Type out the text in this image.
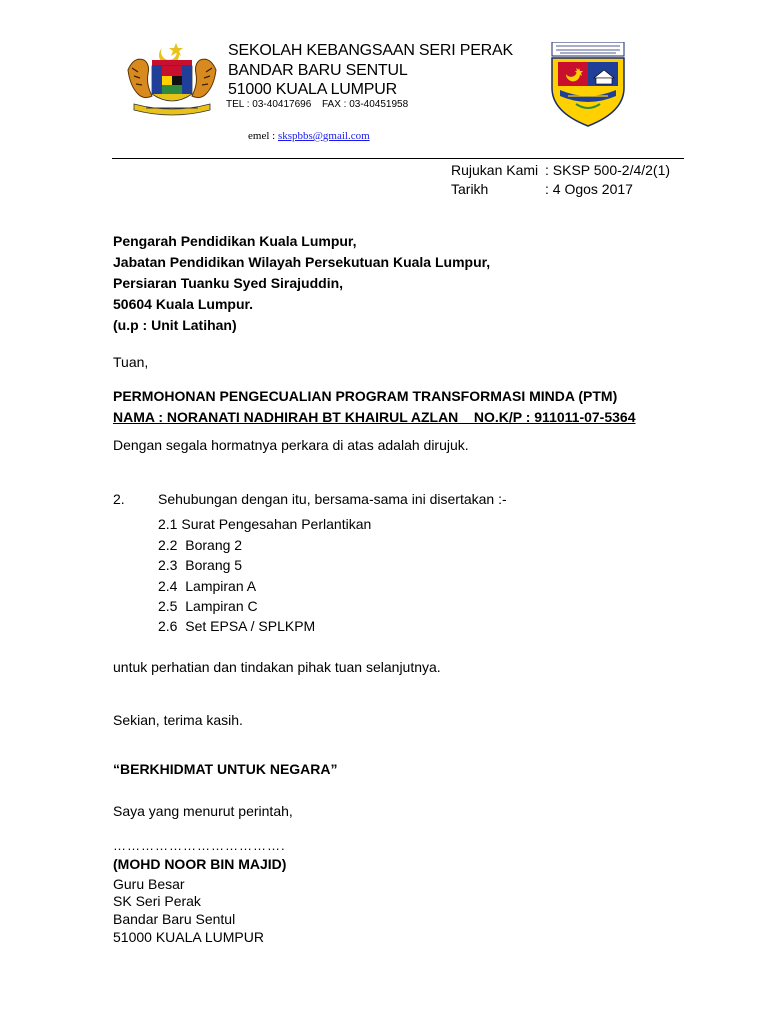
SEKOLAH KEBANGSAAN SERI PERAK
BANDAR BARU SENTUL
51000 KUALA LUMPUR
TEL : 03-40417696 FAX : 03-40451958
emel : skspbbs@gmail.com
Rujukan Kami : SKSP 500-2/4/2(1)
Tarikh	: 4 Ogos 2017
Pengarah Pendidikan Kuala Lumpur,
Jabatan Pendidikan Wilayah Persekutuan Kuala Lumpur,
Persiaran Tuanku Syed Sirajuddin,
50604 Kuala Lumpur.
(u.p : Unit Latihan)
Tuan,
PERMOHONAN PENGECUALIAN PROGRAM TRANSFORMASI MINDA (PTM)
NAMA : NORANATI NADHIRAH BT KHAIRUL AZLAN    NO.K/P : 911011-07-5364
Dengan segala hormatnya perkara di atas adalah dirujuk.
2. Sehubungan dengan itu, bersama-sama ini disertakan :-
2.1 Surat Pengesahan Perlantikan
2.2  Borang 2
2.3  Borang 5
2.4  Lampiran A
2.5  Lampiran C
2.6  Set EPSA / SPLKPM
untuk perhatian dan tindakan pihak tuan selanjutnya.
Sekian, terima kasih.
“BERKHIDMAT UNTUK NEGARA”
Saya yang menurut perintah,
……………………………….
(MOHD NOOR BIN MAJID)
Guru Besar
SK Seri Perak
Bandar Baru Sentul
51000 KUALA LUMPUR
